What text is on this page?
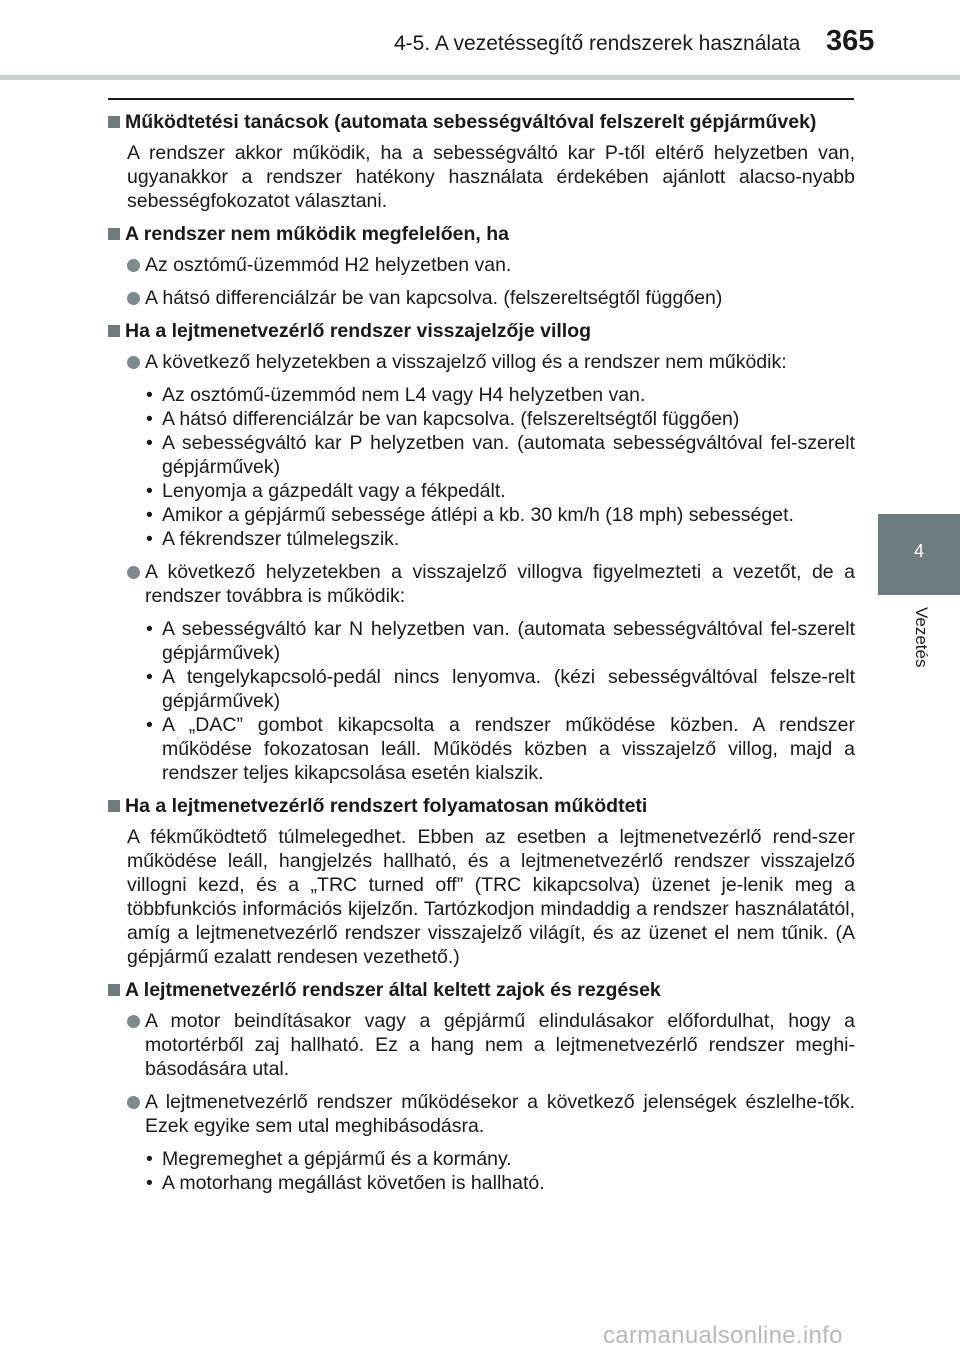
4-5. A vezetéssegítő rendszerek használata 365
4
Vezetés
Működtetési tanácsok (automata sebességváltóval felszerelt gépjárművek)
A rendszer akkor működik, ha a sebességváltó kar P-től eltérő helyzetben van, ugyanakkor a rendszer hatékony használata érdekében ajánlott alacso-nyabb sebességfokozatot választani.
A rendszer nem működik megfelelően, ha
Az osztómű-üzemmód H2 helyzetben van.
A hátsó differenciálzár be van kapcsolva. (felszereltségtől függően)
Ha a lejtmenetvezérlő rendszer visszajelzője villog
A következő helyzetekben a visszajelző villog és a rendszer nem működik:
• Az osztómű-üzemmód nem L4 vagy H4 helyzetben van.
• A hátsó differenciálzár be van kapcsolva. (felszereltségtől függően)
• A sebességváltó kar P helyzetben van. (automata sebességváltóval fel-szerelt gépjárművek)
• Lenyomja a gázpedált vagy a fékpedált.
• Amikor a gépjármű sebessége átlépi a kb. 30 km/h (18 mph) sebességet.
• A fékrendszer túlmelegszik.
A következő helyzetekben a visszajelző villogva figyelmezteti a vezetőt, de a rendszer továbbra is működik:
• A sebességváltó kar N helyzetben van. (automata sebességváltóval fel-szerelt gépjárművek)
• A tengelykapcsoló-pedál nincs lenyomva. (kézi sebességváltóval felsze-relt gépjárművek)
• A „DAC” gombot kikapcsolta a rendszer működése közben. A rendszer működése fokozatosan leáll. Működés közben a visszajelző villog, majd a rendszer teljes kikapcsolása esetén kialszik.
Ha a lejtmenetvezérlő rendszert folyamatosan működteti
A fékműködtető túlmelegedhet. Ebben az esetben a lejtmenetvezérlő rend-szer működése leáll, hangjelzés hallható, és a lejtmenetvezérlő rendszer visszajelző villogni kezd, és a „TRC turned off” (TRC kikapcsolva) üzenet je-lenik meg a többfunkciós információs kijelzőn. Tartózkodjon mindaddig a rendszer használatától, amíg a lejtmenetvezérlő rendszer visszajelző világít, és az üzenet el nem tűnik. (A gépjármű ezalatt rendesen vezethető.)
A lejtmenetvezérlő rendszer által keltett zajok és rezgések
A motor beindításakor vagy a gépjármű elindulásakor előfordulhat, hogy a motortérből zaj hallható. Ez a hang nem a lejtmenetvezérlő rendszer meghi-básodására utal.
A lejtmenetvezérlő rendszer működésekor a következő jelenségek észlelhe-tők. Ezek egyike sem utal meghibásodásra.
• Megremeghet a gépjármű és a kormány.
• A motorhang megállást követően is hallható.
carmanualsonline.info
